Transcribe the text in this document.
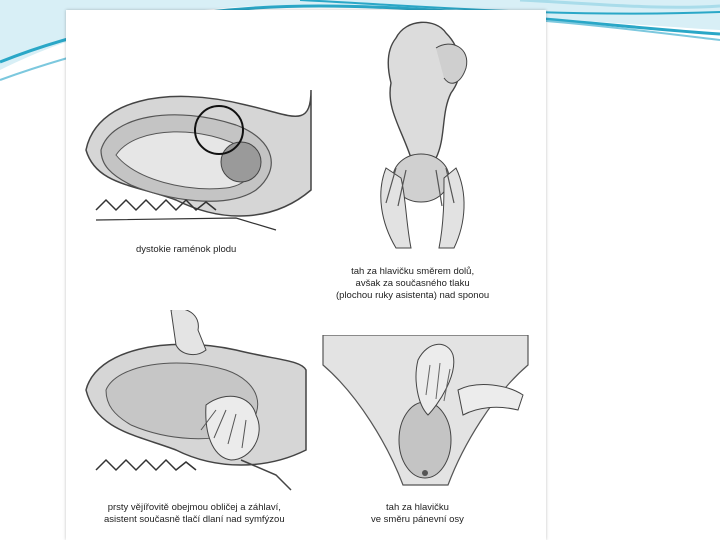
dystokie raménok plodu
tah za hlavičku směrem dolů,
avšak za současného tlaku
(plochou ruky asistenta) nad sponou
prsty vějířovitě obejmou obličej a záhlaví,
asistent současně tlačí dlaní nad symfýzou
tah za hlavičku
ve směru pánevní osy
